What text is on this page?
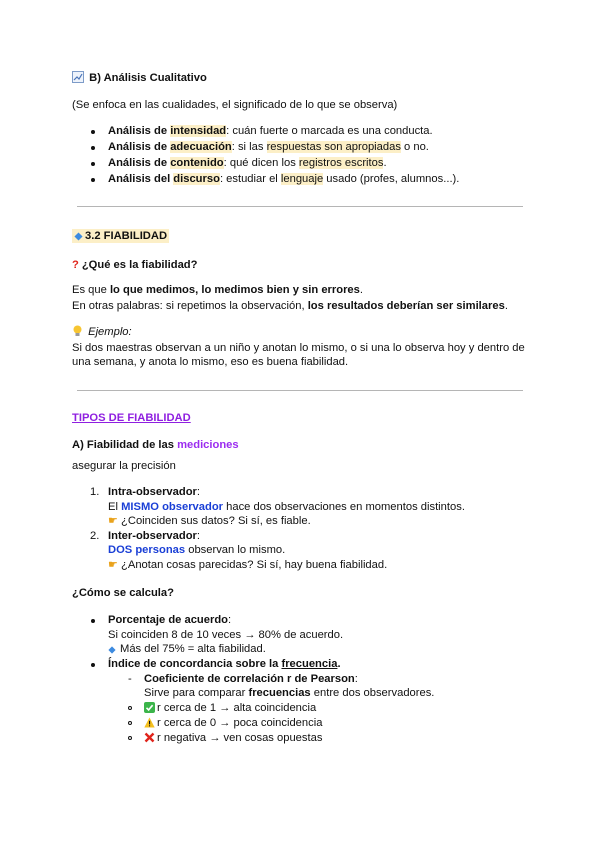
B) Análisis Cualitativo
(Se enfoca en las cualidades, el significado de lo que se observa)
Análisis de intensidad: cuán fuerte o marcada es una conducta.
Análisis de adecuación: si las respuestas son apropiadas o no.
Análisis de contenido: qué dicen los registros escritos.
Análisis del discurso: estudiar el lenguaje usado (profes, alumnos...).
3.2 FIABILIDAD
? ¿Qué es la fiabilidad?
Es que lo que medimos, lo medimos bien y sin errores.
En otras palabras: si repetimos la observación, los resultados deberían ser similares.
Ejemplo:
Si dos maestras observan a un niño y anotan lo mismo, o si una lo observa hoy y dentro de
una semana, y anota lo mismo, eso es buena fiabilidad.
TIPOS DE FIABILIDAD
A) Fiabilidad de las mediciones
asegurar la precisión
1. Intra-observador:
El MISMO observador hace dos observaciones en momentos distintos.
☛ ¿Coinciden sus datos? Si sí, es fiable.
2. Inter-observador:
DOS personas observan lo mismo.
☛ ¿Anotan cosas parecidas? Si sí, hay buena fiabilidad.
¿Cómo se calcula?
Porcentaje de acuerdo:
Si coinciden 8 de 10 veces → 80% de acuerdo.
Más del 75% = alta fiabilidad.
Índice de concordancia sobre la frecuencia.
- Coeficiente de correlación r de Pearson:
Sirve para comparar frecuencias entre dos observadores.
r cerca de 1 → alta coincidencia
r cerca de 0 → poca coincidencia
r negativa → ven cosas opuestas
